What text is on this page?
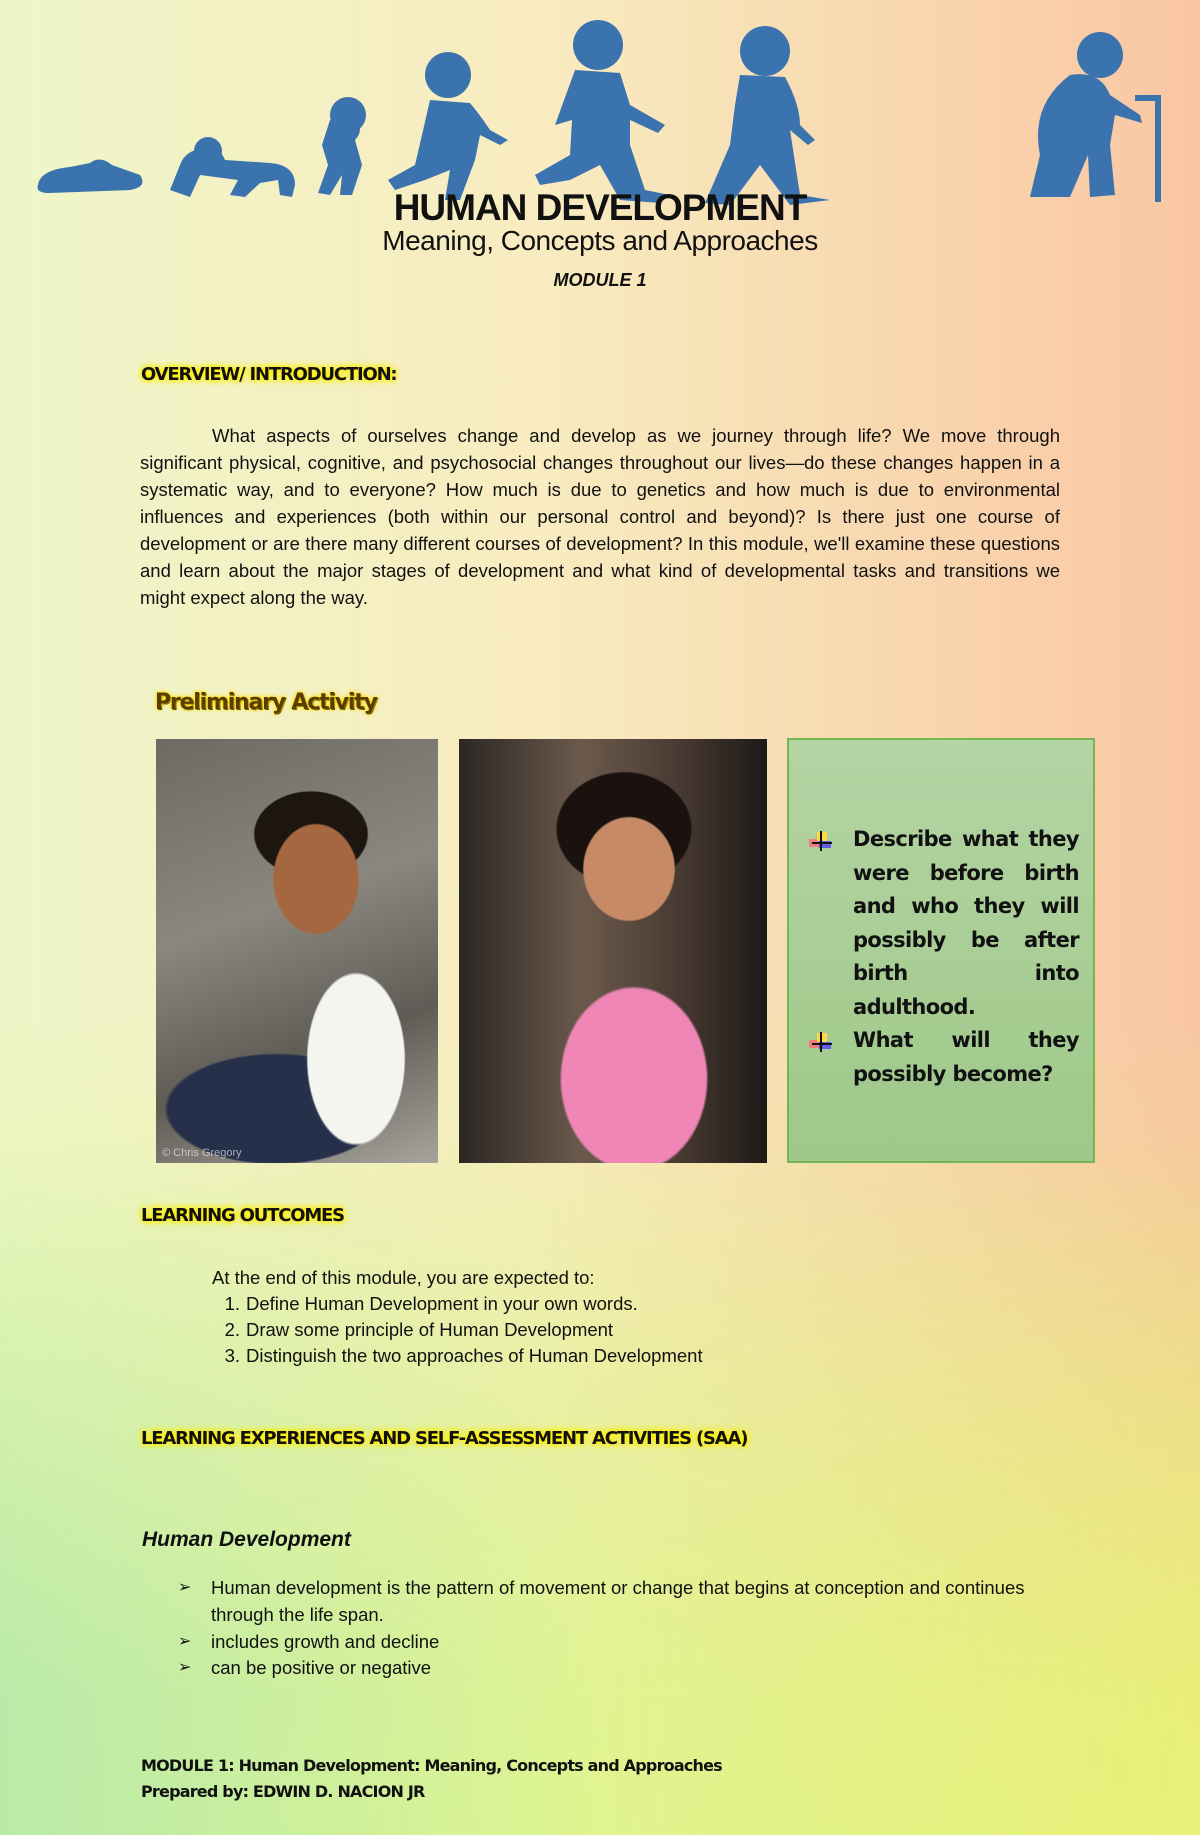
HUMAN DEVELOPMENT
Meaning, Concepts and Approaches
MODULE 1
OVERVIEW/ INTRODUCTION:
What aspects of ourselves change and develop as we journey through life? We move through significant physical, cognitive, and psychosocial changes throughout our lives—do these changes happen in a systematic way, and to everyone? How much is due to genetics and how much is due to environmental influences and experiences (both within our personal control and beyond)? Is there just one course of development or are there many different courses of development? In this module, we'll examine these questions and learn about the major stages of development and what kind of developmental tasks and transitions we might expect along the way.
Preliminary Activity
© Chris Gregory
Describe what they were before birth and who they will possibly be after birth into adulthood.
What will they possibly become?
LEARNING OUTCOMES
At the end of this module, you are expected to:
1. Define Human Development in your own words.
2. Draw some principle of Human Development
3. Distinguish the two approaches of Human Development
LEARNING EXPERIENCES AND SELF-ASSESSMENT ACTIVITIES (SAA)
Human Development
➢ Human development is the pattern of movement or change that begins at conception and continues through the life span.
➢ includes growth and decline
➢ can be positive or negative
MODULE 1: Human Development: Meaning, Concepts and Approaches
Prepared by: EDWIN D. NACION JR
